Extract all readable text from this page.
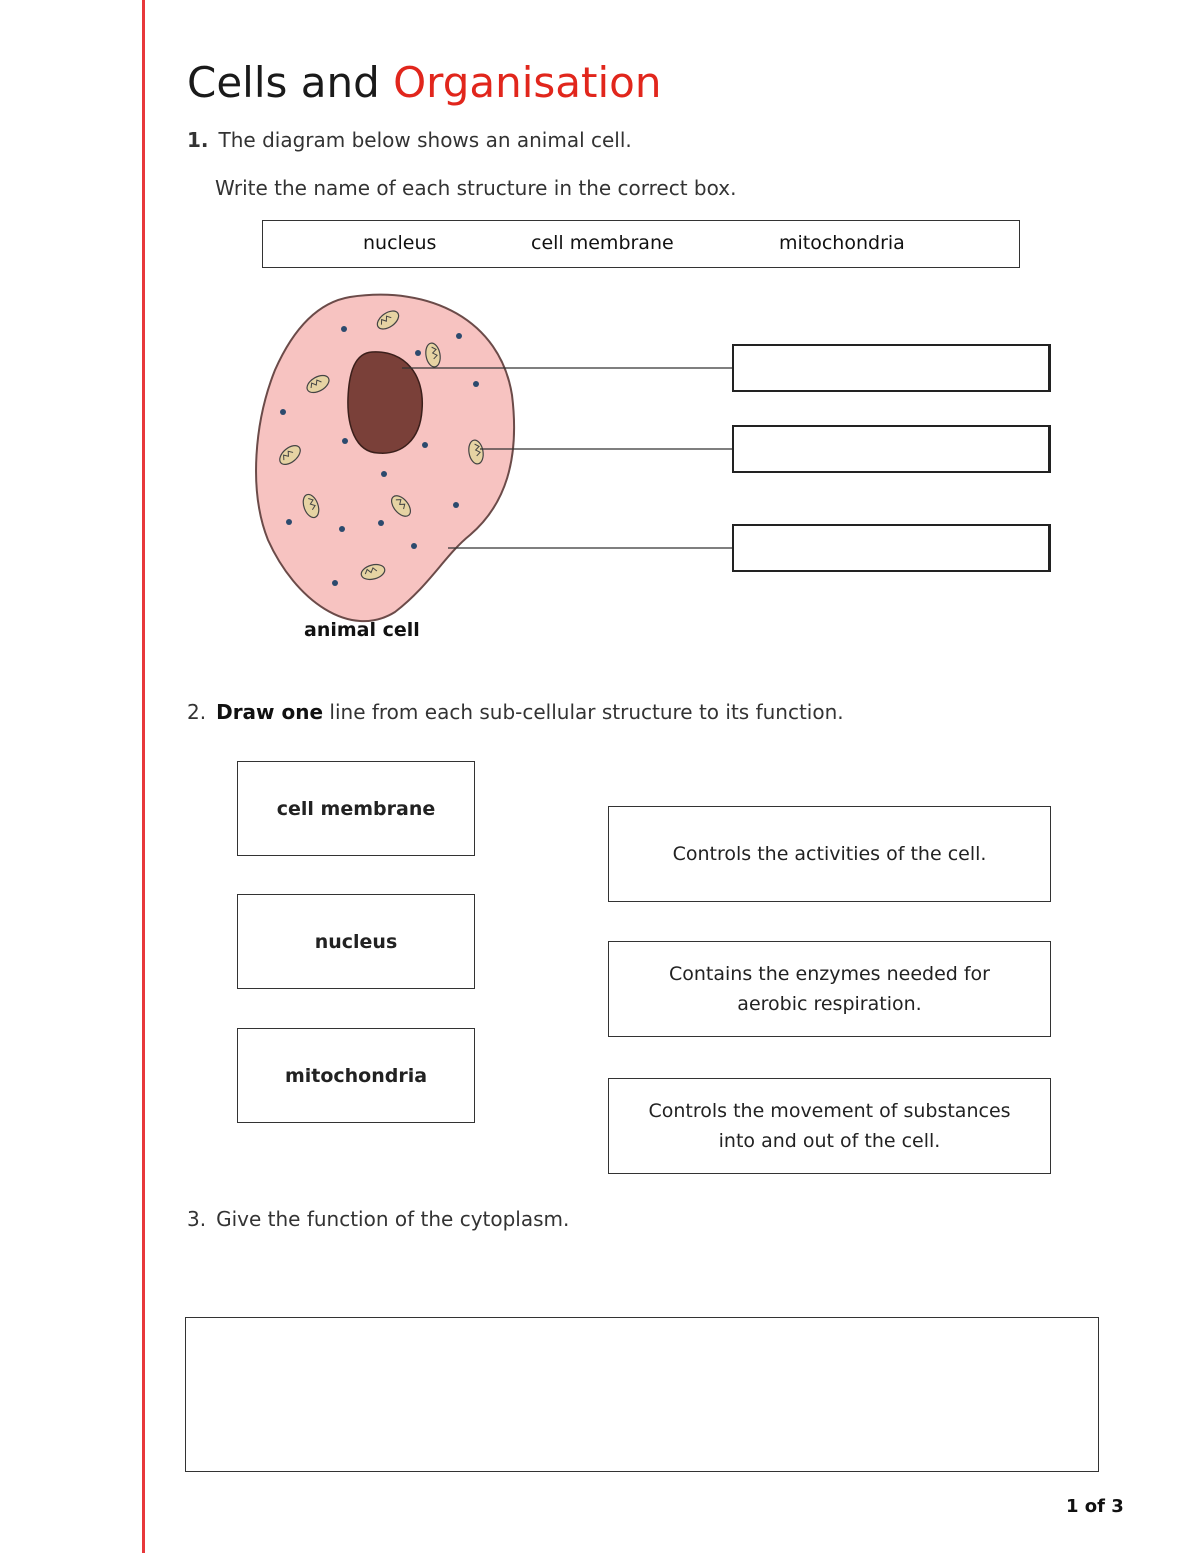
Cells and Organisation
1. The diagram below shows an animal cell.
Write the name of each structure in the correct box.
nucleus	cell membrane	mitochondria
animal cell
2. Draw one line from each sub-cellular structure to its function.
cell membrane
nucleus
mitochondria
Controls the activities of the cell.
Contains the enzymes needed for aerobic respiration.
Controls the movement of substances into and out of the cell.
3. Give the function of the cytoplasm.
1 of 3
